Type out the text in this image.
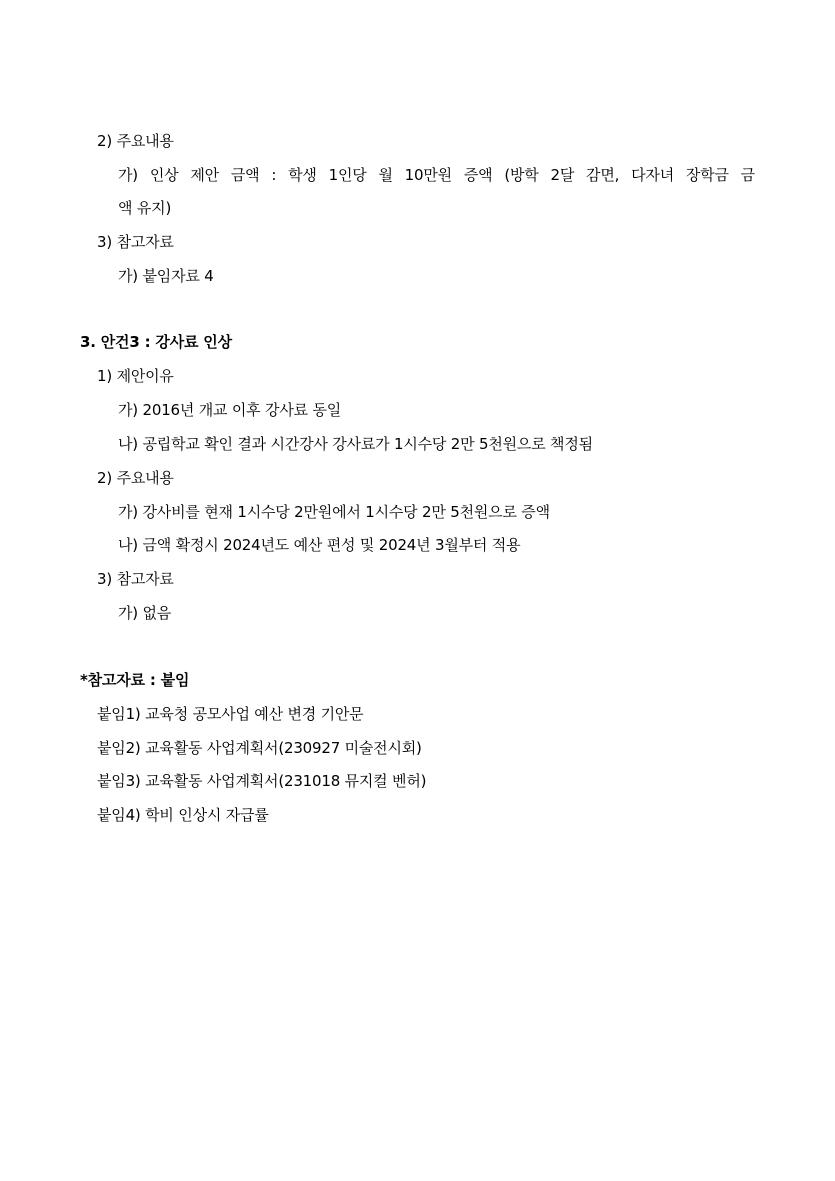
2) 주요내용
가) 인상 제안 금액 : 학생 1인당 월 10만원 증액 (방학 2달 감면, 다자녀 장학금 금
액 유지)
3) 참고자료
가) 붙임자료 4
3. 안건3 : 강사료 인상
1) 제안이유
가) 2016년 개교 이후 강사료 동일
나) 공립학교 확인 결과 시간강사 강사료가 1시수당 2만 5천원으로 책정됨
2) 주요내용
가) 강사비를 현재 1시수당 2만원에서 1시수당 2만 5천원으로 증액
나) 금액 확정시 2024년도 예산 편성 및 2024년 3월부터 적용
3) 참고자료
가) 없음
*참고자료 : 붙임
붙임1) 교육청 공모사업 예산 변경 기안문
붙임2) 교육활동 사업계획서(230927 미술전시회)
붙임3) 교육활동 사업계획서(231018 뮤지컬 벤허)
붙임4) 학비 인상시 자급률
